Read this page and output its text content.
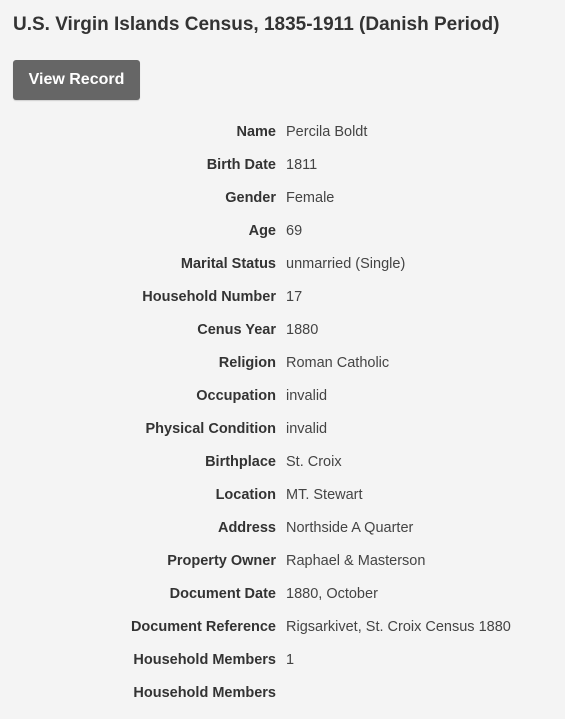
U.S. Virgin Islands Census, 1835-1911 (Danish Period)
View Record
Name Percila Boldt
Birth Date 1811
Gender Female
Age 69
Marital Status unmarried (Single)
Household Number 17
Cenus Year 1880
Religion Roman Catholic
Occupation invalid
Physical Condition invalid
Birthplace St. Croix
Location MT. Stewart
Address Northside A Quarter
Property Owner Raphael & Masterson
Document Date 1880, October
Document Reference Rigsarkivet, St. Croix Census 1880
Household Members 1
Household Members
